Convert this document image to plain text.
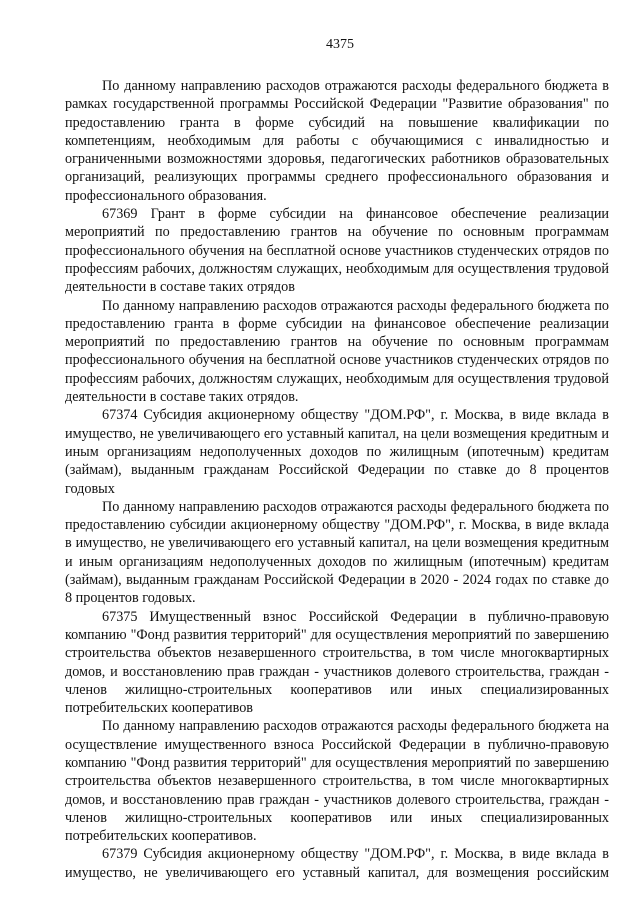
4375

По данному направлению расходов отражаются расходы федерального бюджета в рамках государственной программы Российской Федерации "Развитие образования" по предоставлению гранта в форме субсидий на повышение квалификации по компетенциям, необходимым для работы с обучающимися с инвалидностью и ограниченными возможностями здоровья, педагогических работников образовательных организаций, реализующих программы среднего профессионального образования и профессионального образования.

67369 Грант в форме субсидии на финансовое обеспечение реализации мероприятий по предоставлению грантов на обучение по основным программам профессионального обучения на бесплатной основе участников студенческих отрядов по профессиям рабочих, должностям служащих, необходимым для осуществления трудовой деятельности в составе таких отрядов

По данному направлению расходов отражаются расходы федерального бюджета по предоставлению гранта в форме субсидии на финансовое обеспечение реализации мероприятий по предоставлению грантов на обучение по основным программам профессионального обучения на бесплатной основе участников студенческих отрядов по профессиям рабочих, должностям служащих, необходимым для осуществления трудовой деятельности в составе таких отрядов.

67374 Субсидия акционерному обществу "ДОМ.РФ", г. Москва, в виде вклада в имущество, не увеличивающего его уставный капитал, на цели возмещения кредитным и иным организациям недополученных доходов по жилищным (ипотечным) кредитам (займам), выданным гражданам Российской Федерации по ставке до 8 процентов годовых

По данному направлению расходов отражаются расходы федерального бюджета по предоставлению субсидии акционерному обществу "ДОМ.РФ", г. Москва, в виде вклада в имущество, не увеличивающего его уставный капитал, на цели возмещения кредитным и иным организациям недополученных доходов по жилищным (ипотечным) кредитам (займам), выданным гражданам Российской Федерации в 2020 - 2024 годах по ставке до 8 процентов годовых.

67375 Имущественный взнос Российской Федерации в публично-правовую компанию "Фонд развития территорий" для осуществления мероприятий по завершению строительства объектов незавершенного строительства, в том числе многоквартирных домов, и восстановлению прав граждан - участников долевого строительства, граждан - членов жилищно-строительных кооперативов или иных специализированных потребительских кооперативов

По данному направлению расходов отражаются расходы федерального бюджета на осуществление имущественного взноса Российской Федерации в публично-правовую компанию "Фонд развития территорий" для осуществления мероприятий по завершению строительства объектов незавершенного строительства, в том числе многоквартирных домов, и восстановлению прав граждан - участников долевого строительства, граждан - членов жилищно-строительных кооперативов или иных специализированных потребительских кооперативов.

67379 Субсидия акционерному обществу "ДОМ.РФ", г. Москва, в виде вклада в имущество, не увеличивающего его уставный капитал, для возмещения российским
